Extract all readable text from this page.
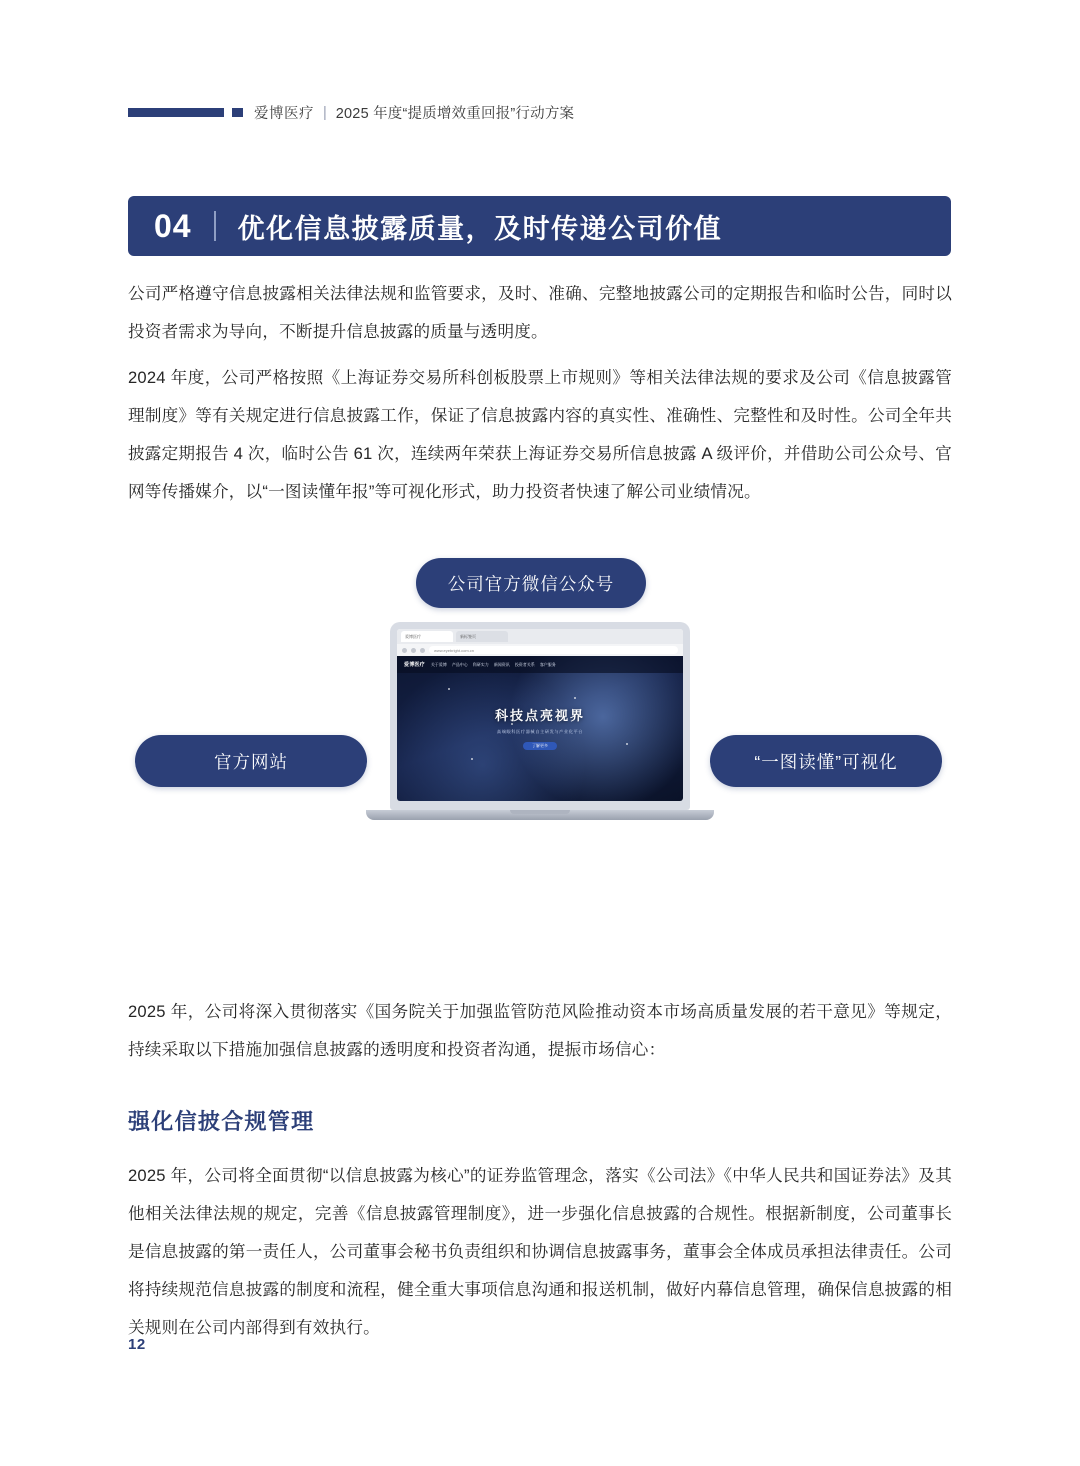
爱博医疗 | 2025 年度“提质增效重回报”行动方案
04 优化信息披露质量，及时传递公司价值
公司严格遵守信息披露相关法律法规和监管要求，及时、准确、完整地披露公司的定期报告和临时公告，同时以投资者需求为导向，不断提升信息披露的质量与透明度。
2024 年度，公司严格按照《上海证券交易所科创板股票上市规则》等相关法律法规的要求及公司《信息披露管理制度》等有关规定进行信息披露工作，保证了信息披露内容的真实性、准确性、完整性和及时性。公司全年共披露定期报告 4 次，临时公告 61 次，连续两年荣获上海证券交易所信息披露 A 级评价，并借助公司公众号、官网等传播媒介，以“一图读懂年报”等可视化形式，助力投资者快速了解公司业绩情况。
公司官方微信公众号
官方网站	“一图读懂”可视化
爱博医疗	新标签页
www.eyebright.com.cn
爱博医疗 关于爱博 产品中心 科研实力 新闻资讯 投资者关系 客户服务
科技点亮视界
高端眼科医疗器械自主研发与产业化平台
了解更多
2025 年，公司将深入贯彻落实《国务院关于加强监管防范风险推动资本市场高质量发展的若干意见》等规定，持续采取以下措施加强信息披露的透明度和投资者沟通，提振市场信心：
强化信披合规管理
2025 年，公司将全面贯彻“以信息披露为核心”的证券监管理念，落实《公司法》《中华人民共和国证券法》及其他相关法律法规的规定，完善《信息披露管理制度》，进一步强化信息披露的合规性。根据新制度，公司董事长是信息披露的第一责任人，公司董事会秘书负责组织和协调信息披露事务，董事会全体成员承担法律责任。公司将持续规范信息披露的制度和流程，健全重大事项信息沟通和报送机制，做好内幕信息管理，确保信息披露的相关规则在公司内部得到有效执行。
12
